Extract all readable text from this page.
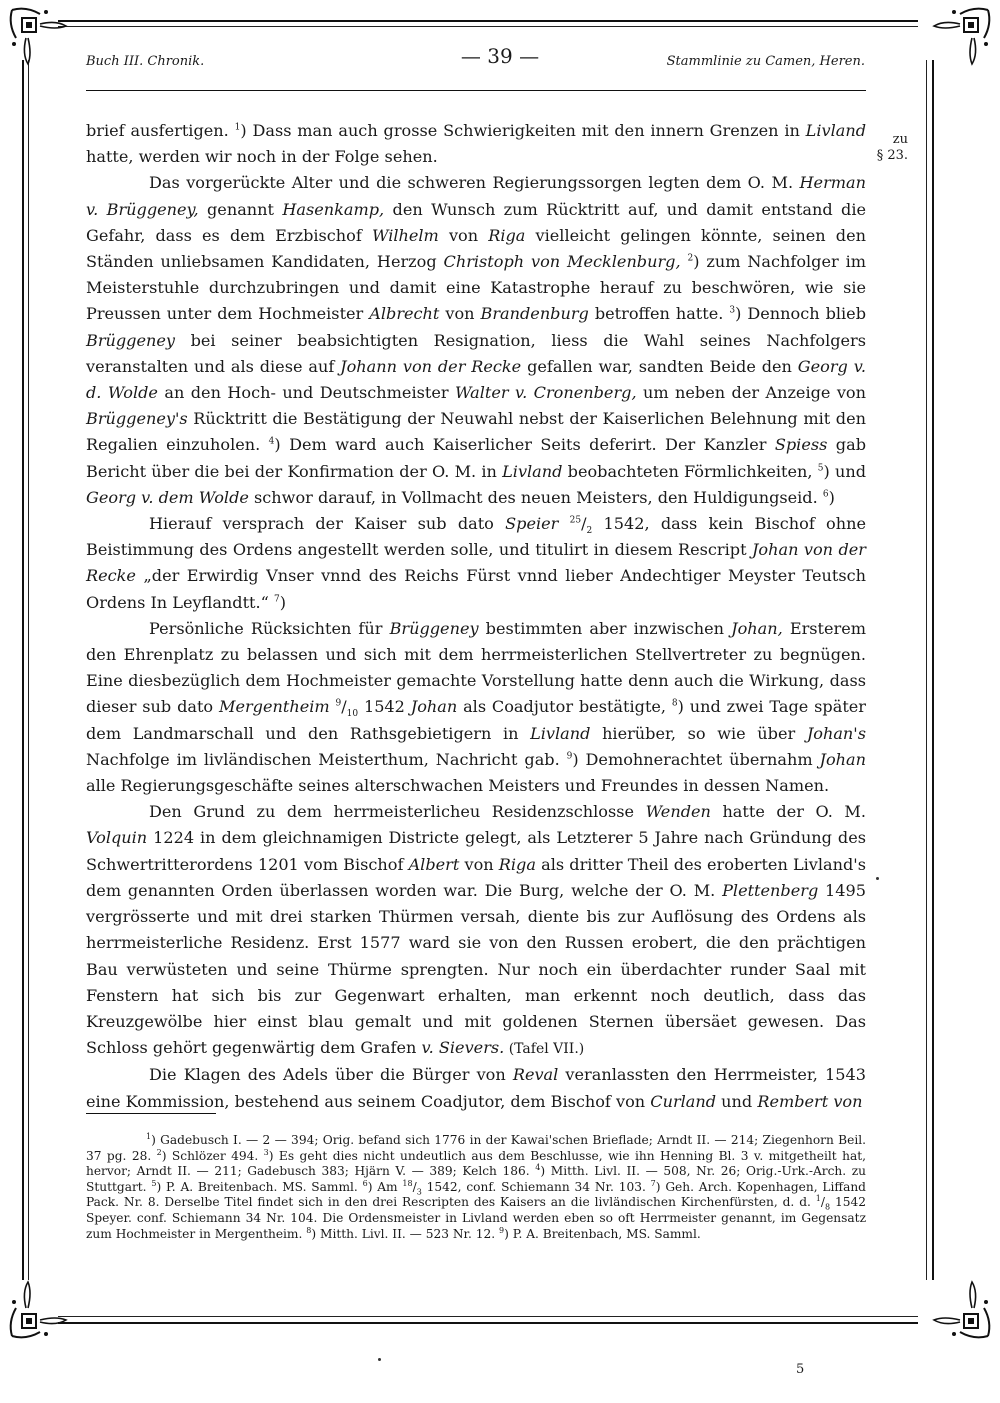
Buch III. Chronik.	— 39 —	Stammlinie zu Camen, Heren.
zu
§ 23.

brief ausfertigen. $^1$) Dass man auch grosse Schwierigkeiten mit den innern Grenzen in Livland hatte, werden wir noch in der Folge sehen.

Das vorgerückte Alter und die schweren Regierungssorgen legten dem O. M. Herman v. Brüggeney, genannt Hasenkamp, den Wunsch zum Rücktritt auf, und damit entstand die Gefahr, dass es dem Erzbischof Wilhelm von Riga vielleicht gelingen könnte, seinen den Ständen unliebsamen Kandidaten, Herzog Christoph von Mecklenburg, $^2$) zum Nachfolger im Meisterstuhle durchzubringen und damit eine Katastrophe herauf zu beschwören, wie sie Preussen unter dem Hochmeister Albrecht von Brandenburg betroffen hatte. $^3$) Dennoch blieb Brüggeney bei seiner beabsichtigten Resignation, liess die Wahl seines Nachfolgers veranstalten und als diese auf Johann von der Recke gefallen war, sandten Beide den Georg v. d. Wolde an den Hoch- und Deutschmeister Walter v. Cronenberg, um neben der Anzeige von Brüggeney's Rücktritt die Bestätigung der Neuwahl nebst der Kaiserlichen Belehnung mit den Regalien einzuholen. $^4$) Dem ward auch Kaiserlicher Seits deferirt. Der Kanzler Spiess gab Bericht über die bei der Konfirmation der O. M. in Livland beobachteten Förmlichkeiten, $^5$) und Georg v. dem Wolde schwor darauf, in Vollmacht des neuen Meisters, den Huldigungseid. $^6$)

Hierauf versprach der Kaiser sub dato Speier $^{25}/_2$ 1542, dass kein Bischof ohne Beistimmung des Ordens angestellt werden solle, und titulirt in diesem Rescript Johan von der Recke „der Erwirdig Vnser vnnd des Reichs Fürst vnnd lieber Andechtiger Meyster Teutsch Ordens In Leyflandtt.“ $^7$)

Persönliche Rücksichten für Brüggeney bestimmten aber inzwischen Johan, Ersterem den Ehrenplatz zu belassen und sich mit dem herrmeisterlichen Stellvertreter zu begnügen. Eine diesbezüglich dem Hochmeister gemachte Vorstellung hatte denn auch die Wirkung, dass dieser sub dato Mergentheim $^9/_{10}$ 1542 Johan als Coadjutor bestätigte, $^8$) und zwei Tage später dem Landmarschall und den Rathsgebietigern in Livland hierüber, so wie über Johan's Nachfolge im livländischen Meisterthum, Nachricht gab. $^9$) Demohnerachtet übernahm Johan alle Regierungsgeschäfte seines alterschwachen Meisters und Freundes in dessen Namen.

Den Grund zu dem herrmeisterlicheu Residenzschlosse Wenden hatte der O. M. Volquin 1224 in dem gleichnamigen Districte gelegt, als Letzterer 5 Jahre nach Gründung des Schwertritterordens 1201 vom Bischof Albert von Riga als dritter Theil des eroberten Livland's dem genannten Orden überlassen worden war. Die Burg, welche der O. M. Plettenberg 1495 vergrösserte und mit drei starken Thürmen versah, diente bis zur Auflösung des Ordens als herrmeisterliche Residenz. Erst 1577 ward sie von den Russen erobert, die den prächtigen Bau verwüsteten und seine Thürme sprengten. Nur noch ein überdachter runder Saal mit Fenstern hat sich bis zur Gegenwart erhalten, man erkennt noch deutlich, dass das Kreuzgewölbe hier einst blau gemalt und mit goldenen Sternen übersäet gewesen. Das Schloss gehört gegenwärtig dem Grafen v. Sievers. (Tafel VII.)

Die Klagen des Adels über die Bürger von Reval veranlassten den Herrmeister, 1543 eine Kommission, bestehend aus seinem Coadjutor, dem Bischof von Curland und Rembert von

$^1$) Gadebusch I. — 2 — 394; Orig. befand sich 1776 in der Kawai'schen Brieflade; Arndt II. — 214; Ziegenhorn Beil. 37 pg. 28. $^2$) Schlözer 494. $^3$) Es geht dies nicht undeutlich aus dem Beschlusse, wie ihn Henning Bl. 3 v. mitgetheilt hat, hervor; Arndt II. — 211; Gadebusch 383; Hjärn V. — 389; Kelch 186. $^4$) Mitth. Livl. II. — 508, Nr. 26; Orig.-Urk.-Arch. zu Stuttgart. $^5$) P. A. Breitenbach. MS. Samml. $^6$) Am $^{18}/_3$ 1542, conf. Schiemann 34 Nr. 103. $^7$) Geh. Arch. Kopenhagen, Liffand Pack. Nr. 8. Derselbe Titel findet sich in den drei Rescripten des Kaisers an die livländischen Kirchenfürsten, d. d. $^1/_8$ 1542 Speyer. conf. Schiemann 34 Nr. 104. Die Ordensmeister in Livland werden eben so oft Herrmeister genannt, im Gegensatz zum Hochmeister in Mergentheim. $^8$) Mitth. Livl. II. — 523 Nr. 12. $^9$) P. A. Breitenbach, MS. Samml.
5
